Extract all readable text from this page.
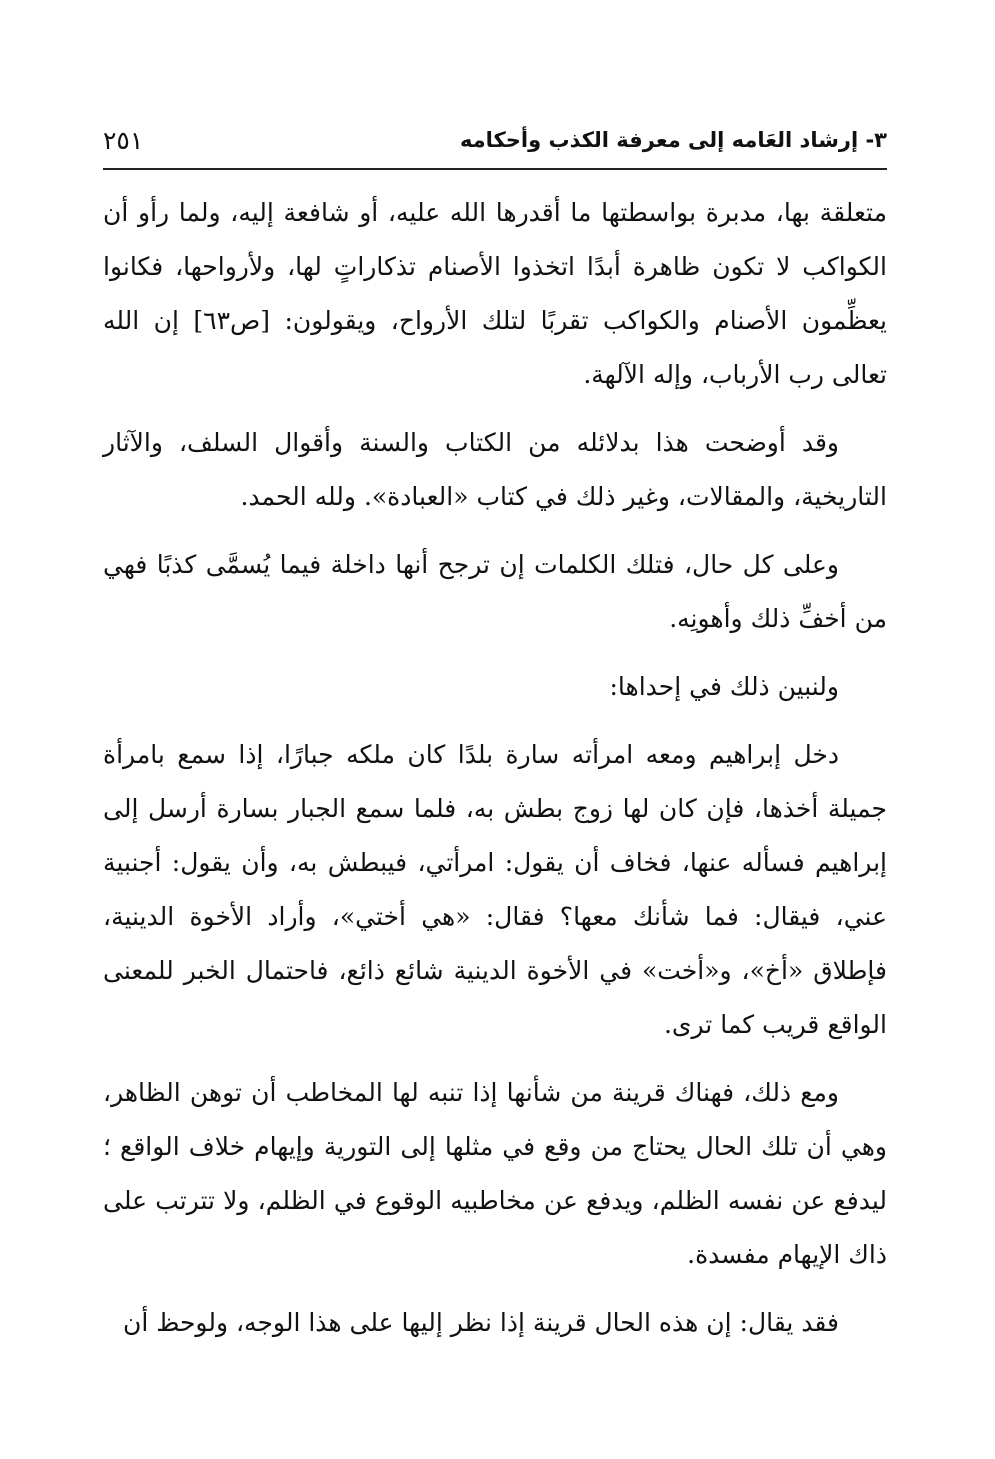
٣- إرشاد العَامه إلى معرفة الكذب وأحكامه
٢٥١

متعلقة بها، مدبرة بواسطتها ما أقدرها الله عليه، أو شافعة إليه، ولما رأو أن الكواكب لا تكون ظاهرة أبدًا اتخذوا الأصنام تذكاراتٍ لها، ولأرواحها، فكانوا يعظِّمون الأصنام والكواكب تقربًا لتلك الأرواح، ويقولون: [ص٦٣] إن الله تعالى رب الأرباب، وإله الآلهة.

وقد أوضحت هذا بدلائله من الكتاب والسنة وأقوال السلف، والآثار التاريخية، والمقالات، وغير ذلك في كتاب «العبادة». ولله الحمد.

وعلى كل حال، فتلك الكلمات إن ترجح أنها داخلة فيما يُسمَّى كذبًا فهي من أخفِّ ذلك وأهونِه.

ولنبين ذلك في إحداها:

دخل إبراهيم ومعه امرأته سارة بلدًا كان ملكه جبارًا، إذا سمع بامرأة جميلة أخذها، فإن كان لها زوج بطش به، فلما سمع الجبار بسارة أرسل إلى إبراهيم فسأله عنها، فخاف أن يقول: امرأتي، فيبطش به، وأن يقول: أجنبية عني، فيقال: فما شأنك معها؟ فقال: «هي أختي»، وأراد الأخوة الدينية، فإطلاق «أخ»، و«أخت» في الأخوة الدينية شائع ذائع، فاحتمال الخبر للمعنى الواقع قريب كما ترى.

ومع ذلك، فهناك قرينة من شأنها إذا تنبه لها المخاطب أن توهن الظاهر، وهي أن تلك الحال يحتاج من وقع في مثلها إلى التورية وإيهام خلاف الواقع ؛ ليدفع عن نفسه الظلم، ويدفع عن مخاطبيه الوقوع في الظلم، ولا تترتب على ذاك الإيهام مفسدة.

فقد يقال: إن هذه الحال قرينة إذا نظر إليها على هذا الوجه، ولوحظ أن
